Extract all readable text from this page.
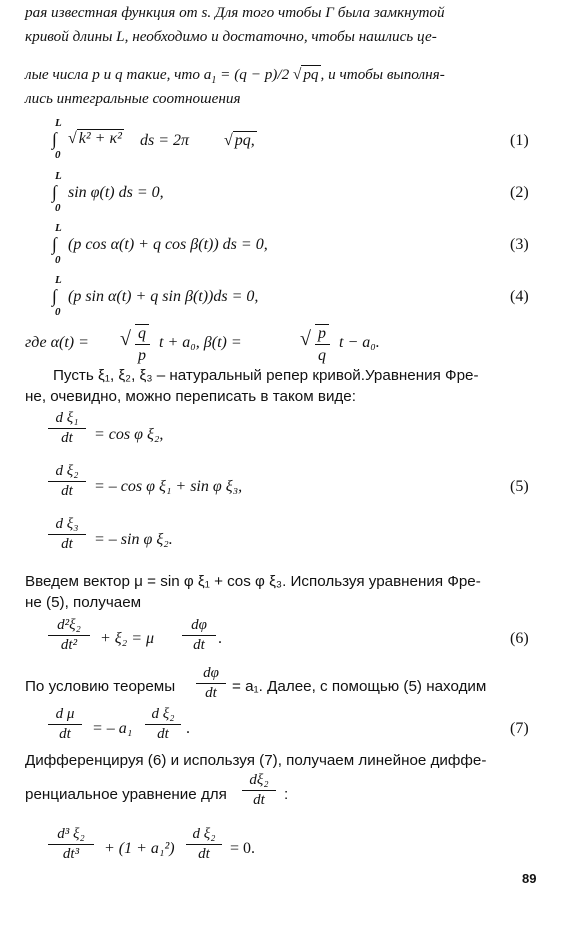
рая известная функция от s. Для того чтобы Γ была замкнутой
кривой длины L, необходимо и достаточно, чтобы нашлись це-
лые числа p и q такие, что $a_1 = (q - p)/2$ √ pq , и чтобы выполня-
лись интегральные соотношения
L
∫
0
√ k² + κ² ds = 2π √ pq,	(1)
L
∫
0
sin φ(t) ds = 0,	(2)
L
∫
0
(p cos α(t) + q cos β(t)) ds = 0,	(3)
L
∫
0
(p sin α(t) + q sin β(t))ds = 0,	(4)
где α(t) = √ q
p
t + a₀, β(t) =	√ p
q
t − a₀.
Пусть ξ₁, ξ₂, ξ₃ – натуральный репер кривой.Уравнения Фре-
не, очевидно, можно переписать в таком виде:
d ξ₁
dt	= cos φ ξ₂,
d ξ₂
dt	= – cos φ ξ₁ + sin φ ξ₃,	(5)
d ξ₃
dt	= – sin φ ξ₂.
Введем вектор μ = sin φ ξ₁ + cos φ ξ₃. Используя уравнения Фре-
не (5), получаем
d²ξ₂
dt²	+ ξ₂ = μ
dφ
dt .	(6)
По условию теоремы
dφ
dt = a₁. Далее, с помощью (5) находим
d μ
dt	= – a₁
d ξ₂
dt	.	(7)
Дифференцируя (6) и используя (7), получаем линейное диффе-
ренциальное уравнение для
dξ₂
dt	:
d³ ξ₂
dt³	+ (1 + a₁²)
d ξ₂
dt	= 0.
89
